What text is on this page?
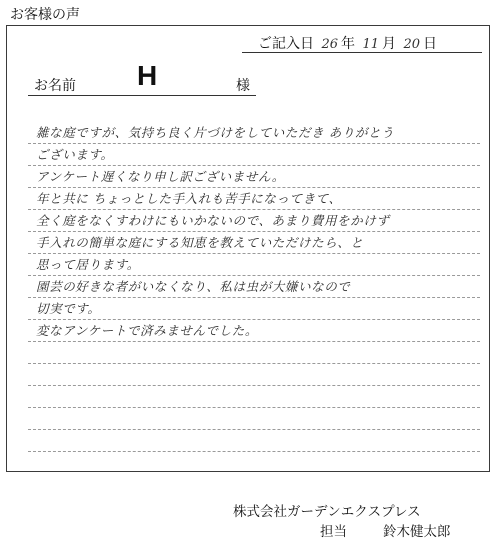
お客様の声
ご記入日 26 年 11 月 20 日
お名前 H	様
雑な庭ですが、気持ち良く片づけをしていただき ありがとう
ございます。
アンケート遅くなり申し訳ございません。
年と共に ちょっとした手入れも苦手になってきて、
全く庭をなくすわけにもいかないので、あまり費用をかけず
手入れの簡単な庭にする知恵を教えていただけたら、と
思って居ります。
園芸の好きな者がいなくなり、私は虫が大嫌いなので
切実です。
変なアンケートで済みませんでした。
株式会社ガーデンエクスプレス
担当	鈴木健太郎
